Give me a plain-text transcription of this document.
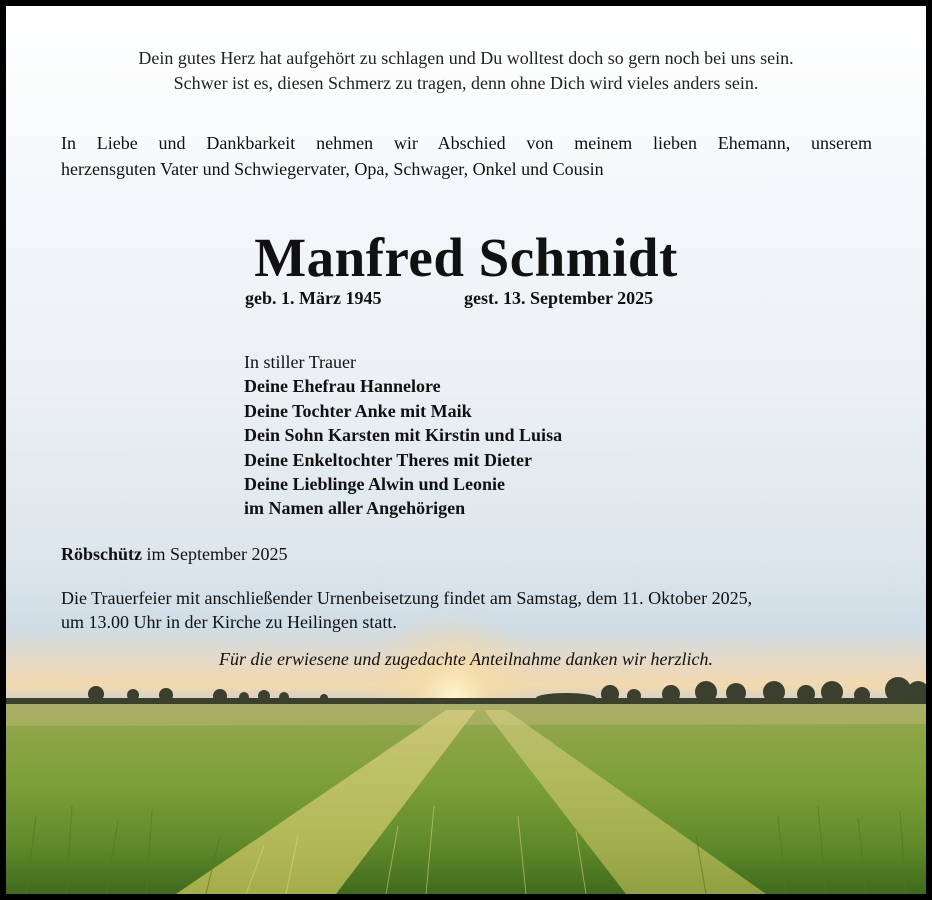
Dein gutes Herz hat aufgehört zu schlagen und Du wolltest doch so gern noch bei uns sein.
Schwer ist es, diesen Schmerz zu tragen, denn ohne Dich wird vieles anders sein.

In Liebe und Dankbarkeit nehmen wir Abschied von meinem lieben Ehemann, unserem
herzensguten Vater und Schwiegervater, Opa, Schwager, Onkel und Cousin

Manfred Schmidt

geb. 1. März 1945	gest. 13. September 2025

In stiller Trauer
Deine Ehefrau Hannelore
Deine Tochter Anke mit Maik
Dein Sohn Karsten mit Kirstin und Luisa
Deine Enkeltochter Theres mit Dieter
Deine Lieblinge Alwin und Leonie
im Namen aller Angehörigen

Röbschütz im September 2025

Die Trauerfeier mit anschließender Urnenbeisetzung findet am Samstag, dem 11. Oktober 2025,
um 13.00 Uhr in der Kirche zu Heilingen statt.

Für die erwiesene und zugedachte Anteilnahme danken wir herzlich.
